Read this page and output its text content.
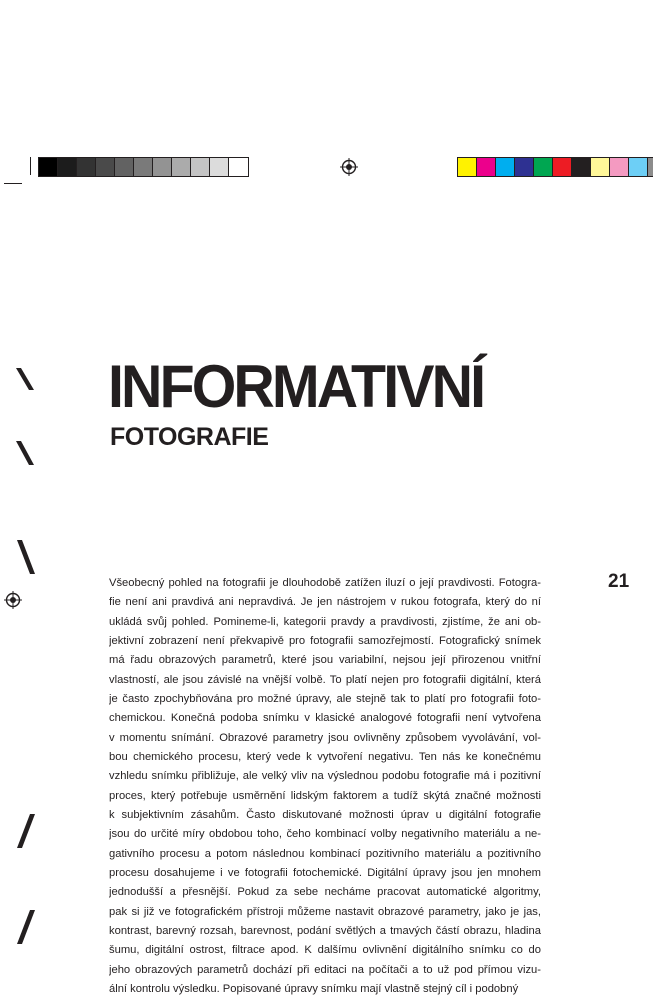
INFORMATIVNÍ
FOTOGRAFIE
21
Všeobecný pohled na fotografii je dlouhodobě zatížen iluzí o její pravdivosti. Fotogra-
fie není ani pravdivá ani nepravdivá. Je jen nástrojem v rukou fotografa, který do ní
ukládá svůj pohled. Pomineme-li, kategorii pravdy a pravdivosti, zjistíme, že ani ob-
jektivní zobrazení není překvapivě pro fotografii samozřejmostí. Fotografický snímek
má řadu obrazových parametrů, které jsou variabilní, nejsou její přirozenou vnitřní
vlastností, ale jsou závislé na vnější volbě. To platí nejen pro fotografii digitální, která
je často zpochybňována pro možné úpravy, ale stejně tak to platí pro fotografii foto-
chemickou. Konečná podoba snímku v klasické analogové fotografii není vytvořena
v momentu snímání. Obrazové parametry jsou ovlivněny způsobem vyvolávání, vol-
bou chemického procesu, který vede k vytvoření negativu. Ten nás ke konečnému
vzhledu snímku přibližuje, ale velký vliv na výslednou podobu fotografie má i pozitivní
proces, který potřebuje usměrnění lidským faktorem a tudíž skýtá značné možnosti
k subjektivním zásahům. Často diskutované možnosti úprav u digitální fotografie
jsou do určité míry obdobou toho, čeho kombinací volby negativního materiálu a ne-
gativního procesu a potom následnou kombinací pozitivního materiálu a pozitivního
procesu dosahujeme i ve fotografii fotochemické. Digitální úpravy jsou jen mnohem
jednodušší a přesnější. Pokud za sebe necháme pracovat automatické algoritmy,
pak si již ve fotografickém přístroji můžeme nastavit obrazové parametry, jako je jas,
kontrast, barevný rozsah, barevnost, podání světlých a tmavých částí obrazu, hladina
šumu, digitální ostrost, filtrace apod. K dalšímu ovlivnění digitálního snímku co do
jeho obrazových parametrů dochází při editaci na počítači a to už pod přímou vizu-
ální kontrolu výsledku. Popisované úpravy snímku mají vlastně stejný cíl i podobný
